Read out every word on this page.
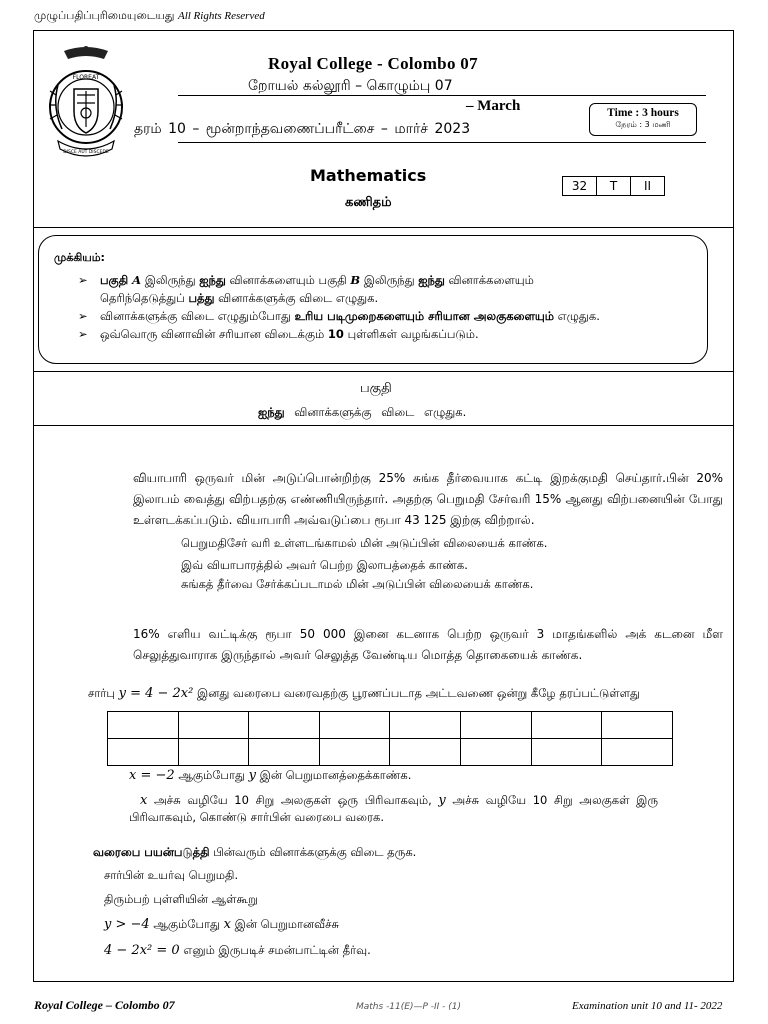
முழுப்பதிப்புரிமையுடையது All Rights Reserved
FLOREAT
DISCE AUT DISCEDE
Royal College - Colombo 07
றோயல் கல்லூரி – கொழும்பு 07
– March
தரம் 10 – மூன்றாந்தவணைப்பரீட்சை – மார்ச் 2023
Time : 3 hours
நேரம் : 3 மணி
Mathematics
கணிதம்
32	T	II
முக்கியம்:
➢ பகுதி A இலிருந்து ஐந்து வினாக்களையும் பகுதி B இலிருந்து ஐந்து வினாக்களையும்
தெரிந்தெடுத்துப் பத்து வினாக்களுக்கு விடை எழுதுக.
➢ வினாக்களுக்கு விடை எழுதும்போது உரிய படிமுறைகளையும் சரியான அலகுகளையும் எழுதுக.
➢ ஒவ்வொரு வினாவின் சரியான விடைக்கும் 10 புள்ளிகள் வழங்கப்படும்.
பகுதி
ஐந்து வினாக்களுக்கு விடை எழுதுக.
வியாபாரி ஒருவர் மின் அடுப்பொன்றிற்கு 25% சுங்க தீர்வையாக கட்டி இறக்குமதி செய்தார்.பின் 20% இலாபம் வைத்து விற்பதற்கு எண்ணியிருந்தார். அதற்கு பெறுமதி சேர்வரி 15% ஆனது விற்பனையின் போது உள்ளடக்கப்படும். வியாபாரி அவ்வடுப்பை ரூபா 43 125 இற்கு விற்றால்.
பெறுமதிசேர் வரி உள்ளடங்காமல் மின் அடுப்பின் விலையைக் காண்க.
இவ் வியாபாரத்தில் அவர் பெற்ற இலாபத்தைக் காண்க.
சுங்கத் தீர்வை சேர்க்கப்படாமல் மின் அடுப்பின் விலையைக் காண்க.
16% எளிய வட்டிக்கு ரூபா 50 000 இனை கடனாக பெற்ற ஒருவர் 3 மாதங்களில் அக் கடனை மீள செலுத்துவாராக இருந்தால் அவர் செலுத்த வேண்டிய மொத்த தொகையைக் காண்க.
சார்பு y = 4 − 2x² இனது வரைபை வரைவதற்கு பூரணப்படாத அட்டவணை ஒன்று கீழே தரப்பட்டுள்ளது

x = −2 ஆகும்போது y இன் பெறுமானத்தைக்காண்க.
x அச்சு வழியே 10 சிறு அலகுகள் ஒரு பிரிவாகவும், y அச்சு வழியே 10 சிறு அலகுகள் இரு
பிரிவாகவும், கொண்டு சார்பின் வரைபை வரைக.
வரைபை பயன்படுத்தி பின்வரும் வினாக்களுக்கு விடை தருக.
சார்பின் உயர்வு பெறுமதி.
திரும்பற் புள்ளியின் ஆள்கூறு
y > −4 ஆகும்போது x இன் பெறுமானவீச்சு
4 − 2x² = 0 எனும் இருபடிச் சமன்பாட்டின் தீர்வு.
Royal College – Colombo 07	Maths -11(E)—P -II - (1)	Examination unit 10 and 11- 2022
